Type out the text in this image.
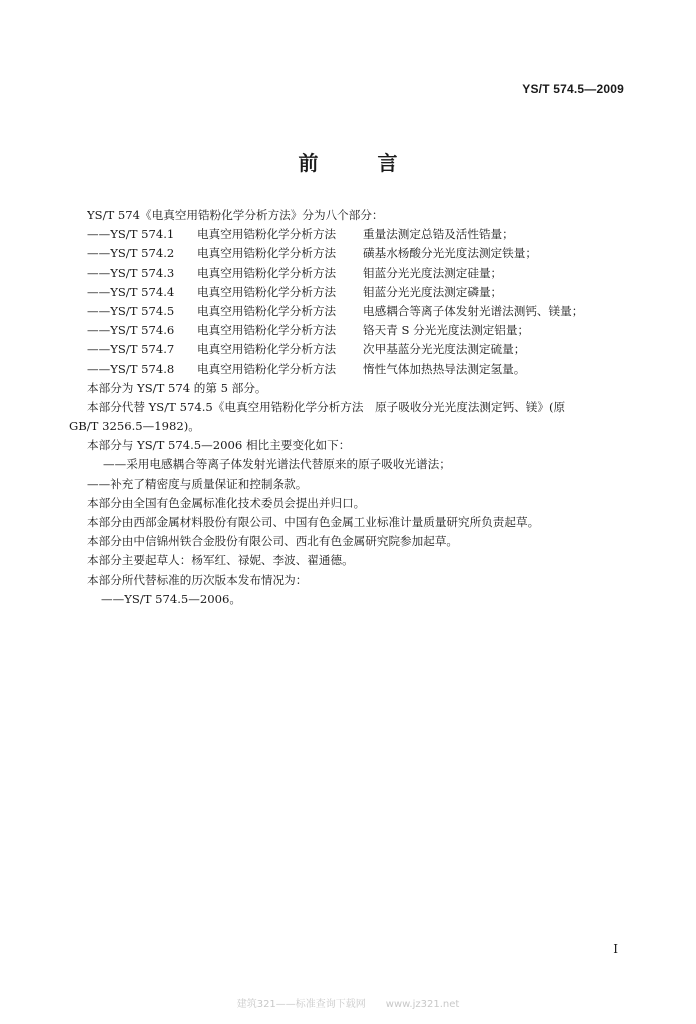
YS/T 574.5—2009
前 言
YS/T 574《电真空用锆粉化学分析方法》分为八个部分：
——YS/T 574.1	电真空用锆粉化学分析方法	重量法测定总锆及活性锆量；
——YS/T 574.2	电真空用锆粉化学分析方法	磺基水杨酸分光光度法测定铁量；
——YS/T 574.3	电真空用锆粉化学分析方法	钼蓝分光光度法测定硅量；
——YS/T 574.4	电真空用锆粉化学分析方法	钼蓝分光光度法测定磷量；
——YS/T 574.5	电真空用锆粉化学分析方法	电感耦合等离子体发射光谱法测钙、镁量；
——YS/T 574.6	电真空用锆粉化学分析方法	铬天青 S 分光光度法测定铝量；
——YS/T 574.7	电真空用锆粉化学分析方法	次甲基蓝分光光度法测定硫量；
——YS/T 574.8	电真空用锆粉化学分析方法	惰性气体加热热导法测定氢量。
本部分为 YS/T 574 的第 5 部分。
本部分代替 YS/T 574.5《电真空用锆粉化学分析方法　原子吸收分光光度法测定钙、镁》(原
GB/T 3256.5—1982)。
本部分与 YS/T 574.5—2006 相比主要变化如下：
——采用电感耦合等离子体发射光谱法代替原来的原子吸收光谱法；
——补充了精密度与质量保证和控制条款。
本部分由全国有色金属标准化技术委员会提出并归口。
本部分由西部金属材料股份有限公司、中国有色金属工业标准计量质量研究所负责起草。
本部分由中信锦州铁合金股份有限公司、西北有色金属研究院参加起草。
本部分主要起草人：杨军红、禄妮、李波、翟通德。
本部分所代替标准的历次版本发布情况为：
——YS/T 574.5—2006。
I
建筑321——标准查询下载网　　www.jz321.net
